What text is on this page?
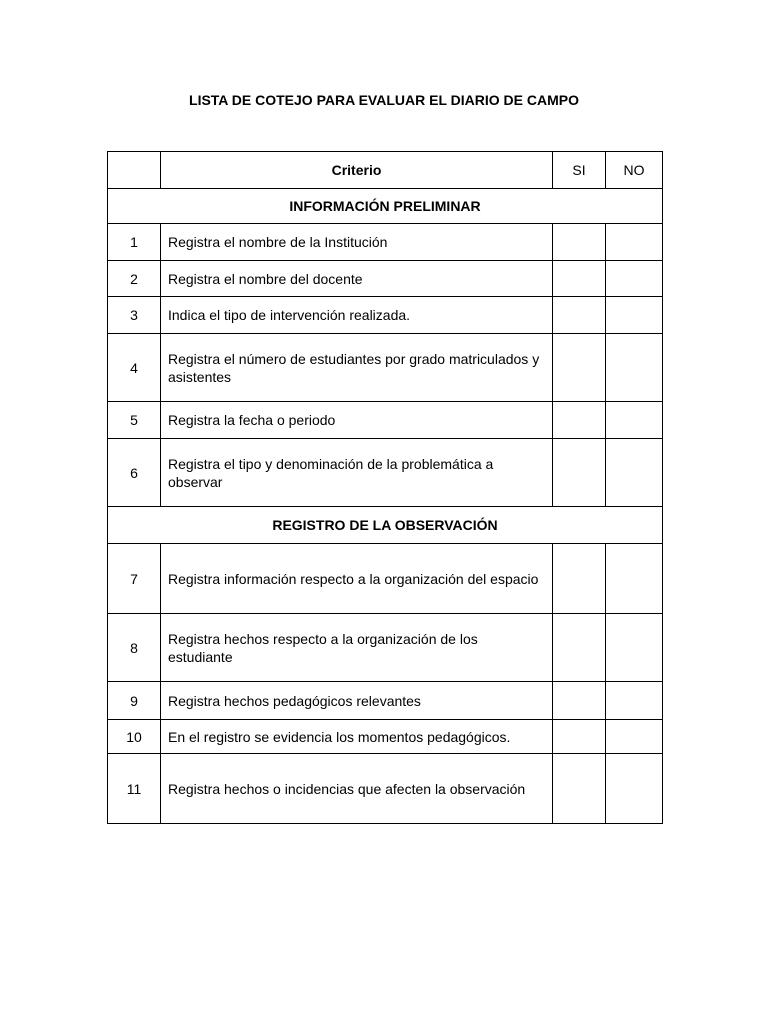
LISTA DE COTEJO PARA EVALUAR EL DIARIO DE CAMPO
	Criterio	SI	NO
INFORMACIÓN PRELIMINAR			
1	Registra el nombre de la Institución		
2	Registra el nombre del docente		
3	Indica el tipo de intervención realizada.		
4	Registra el número de estudiantes por grado matriculados y asistentes		
5	Registra la fecha o periodo		
6	Registra el tipo y denominación de la problemática a observar		
REGISTRO DE LA OBSERVACIÓN			
7	Registra información respecto a la organización del espacio		
8	Registra hechos respecto a la organización de los estudiante		
9	Registra hechos pedagógicos relevantes		
10	En el registro se evidencia los momentos pedagógicos.		
11	Registra hechos o incidencias que afecten la observación		
